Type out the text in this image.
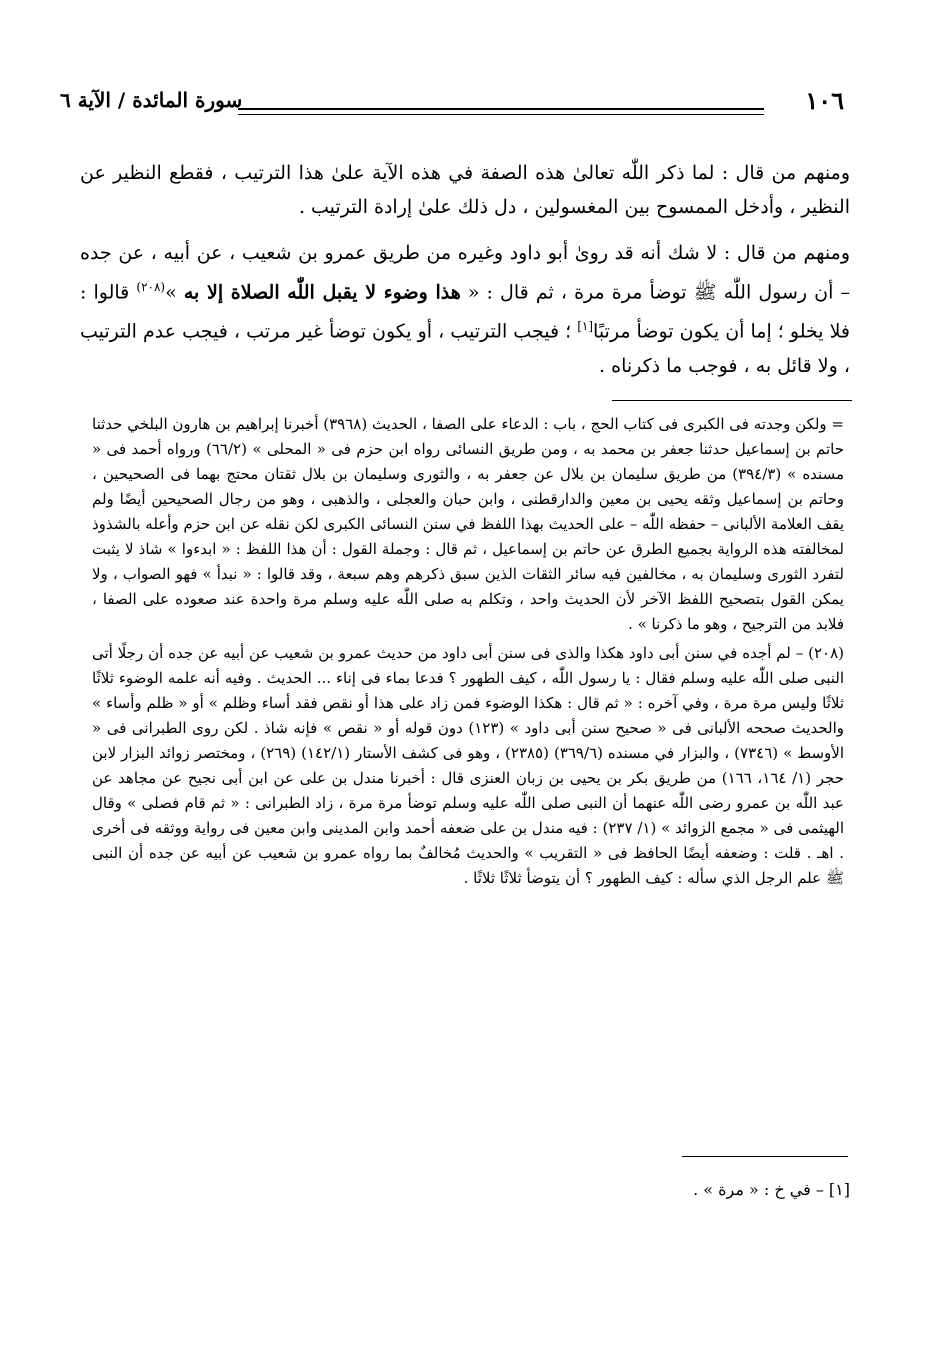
١٠٦
سورة المائدة / الآية ٦

ومنهم من قال : لما ذكر اللّٰه تعالىٰ هذه الصفة في هذه الآية علىٰ هذا الترتيب ، فقطع النظير عن النظير ، وأدخل الممسوح بين المغسولين ، دل ذلك علىٰ إرادة الترتيب .

ومنهم من قال : لا شك أنه قد روىٰ أبو داود وغيره من طريق عمرو بن شعيب ، عن أبيه ، عن جده – أن رسول اللّٰه ﷺ توضأ مرة مرة ، ثم قال : « هذا وضوء لا يقبل اللّٰه الصلاة إلا به »$^{(٢٠٨)}$ قالوا : فلا يخلو ؛ إما أن يكون توضأ مرتبًا[١] ؛ فيجب الترتيب ، أو يكون توضأ غير مرتب ، فيجب عدم الترتيب ، ولا قائل به ، فوجب ما ذكرناه .

= ولكن وجدته فى الكبرى فى كتاب الحج ، باب : الدعاء على الصفا ، الحديث (٣٩٦٨) أخبرنا إبراهيم بن هارون البلخي حدثنا حاتم بن إسماعيل حدثنا جعفر بن محمد به ، ومن طريق النسائى رواه ابن حزم فى « المحلى » (٦٦/٢) ورواه أحمد فى « مسنده » (٣٩٤/٣) من طريق سليمان بن بلال عن جعفر به ، والثورى وسليمان بن بلال ثقتان محتج بهما فى الصحيحين ، وحاتم بن إسماعيل وثقه يحيى بن معين والدارقطنى ، وابن حبان والعجلى ، والذهبى ، وهو من رجال الصحيحين أيضًا ولم يقف العلامة الألبانى – حفظه اللّٰه – على الحديث بهذا اللفظ في سنن النسائى الكبرى لكن نقله عن ابن حزم وأعله بالشذوذ لمخالفته هذه الرواية بجميع الطرق عن حاتم بن إسماعيل ، ثم قال : وجملة القول : أن هذا اللفظ : « ابدءوا » شاذ لا يثبت لتفرد الثورى وسليمان به ، مخالفين فيه سائر الثقات الذين سبق ذكرهم وهم سبعة ، وقد قالوا : « نبدأ » فهو الصواب ، ولا يمكن القول بتصحيح اللفظ الآخر لأن الحديث واحد ، وتكلم به صلى اللّٰه عليه وسلم مرة واحدة عند صعوده على الصفا ، فلابد من الترجيح ، وهو ما ذكرنا » .

(٢٠٨) – لم أجده في سنن أبى داود هكذا والذى فى سنن أبى داود من حديث عمرو بن شعيب عن أبيه عن جده أن رجلًا أتى النبى صلى اللّٰه عليه وسلم فقال : يا رسول اللّٰه ، كيف الطهور ؟ فدعا بماء فى إناء ... الحديث . وفيه أنه علمه الوضوء ثلاثًا ثلاثًا وليس مرة مرة ، وفي آخره : « ثم قال : هكذا الوضوء فمن زاد على هذا أو نقص فقد أساء وظلم » أو « ظلم وأساء » والحديث صححه الألبانى فى « صحيح سنن أبى داود » (١٢٣) دون قوله أو « نقص » فإنه شاذ . لكن روى الطبرانى فى « الأوسط » (٧٣٤٦) ، والبزار في مسنده (٣٦٩/٦) (٢٣٨٥) ، وهو فى كشف الأستار (١٤٢/١) (٢٦٩) ، ومختصر زوائد البزار لابن حجر (١/ ١٦٤، ١٦٦) من طريق بكر بن يحيى بن زبان العنزى قال : أخبرنا مندل بن على عن ابن أبى نجيح عن مجاهد عن عبد اللّٰه بن عمرو رضى اللّٰه عنهما أن النبى صلى اللّٰه عليه وسلم توضأ مرة مرة ، زاد الطبرانى : « ثم قام فصلى » وقال الهيثمى فى « مجمع الزوائد » (١/ ٢٣٧) : فيه مندل بن على ضعفه أحمد وابن المدينى وابن معين فى رواية ووثقه فى أخرى . اهـ . قلت : وضعفه أيضًا الحافظ فى « التقريب » والحديث مُخالفٌ بما رواه عمرو بن شعيب عن أبيه عن جده أن النبى ﷺ علم الرجل الذي سأله : كيف الطهور ؟ أن يتوضأ ثلاثًا ثلاثًا .

[١] – في خ : « مرة » .
